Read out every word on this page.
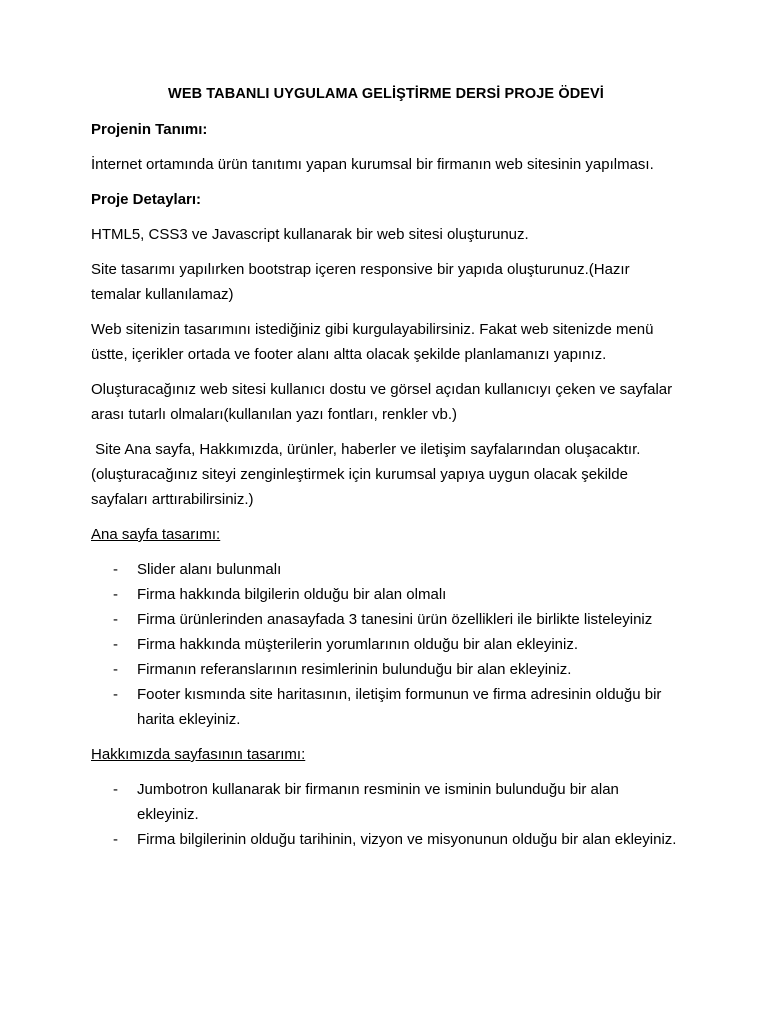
WEB TABANLI UYGULAMA GELİŞTİRME DERSİ PROJE ÖDEVİ
Projenin Tanımı:
İnternet ortamında ürün tanıtımı yapan kurumsal bir firmanın web sitesinin yapılması.
Proje Detayları:
HTML5, CSS3 ve Javascript kullanarak bir web sitesi oluşturunuz.
Site tasarımı yapılırken bootstrap içeren responsive bir yapıda oluşturunuz.(Hazır temalar kullanılamaz)
Web sitenizin tasarımını istediğiniz gibi kurgulayabilirsiniz. Fakat web sitenizde menü üstte, içerikler ortada ve footer alanı altta olacak şekilde planlamanızı yapınız.
Oluşturacağınız web sitesi kullanıcı dostu ve görsel açıdan kullanıcıyı çeken ve sayfalar arası tutarlı olmaları(kullanılan yazı fontları, renkler vb.)
Site Ana sayfa, Hakkımızda, ürünler, haberler ve iletişim sayfalarından oluşacaktır. (oluşturacağınız siteyi zenginleştirmek için kurumsal yapıya uygun olacak şekilde sayfaları arttırabilirsiniz.)
Ana sayfa tasarımı:
- Slider alanı bulunmalı
- Firma hakkında bilgilerin olduğu bir alan olmalı
- Firma ürünlerinden anasayfada 3 tanesini ürün özellikleri ile birlikte listeleyiniz
- Firma hakkında müşterilerin yorumlarının olduğu bir alan ekleyiniz.
- Firmanın referanslarının resimlerinin bulunduğu bir alan ekleyiniz.
- Footer kısmında site haritasının, iletişim formunun ve firma adresinin olduğu bir harita ekleyiniz.
Hakkımızda sayfasının tasarımı:
- Jumbotron kullanarak bir firmanın resminin ve isminin bulunduğu bir alan ekleyiniz.
- Firma bilgilerinin olduğu tarihinin, vizyon ve misyonunun olduğu bir alan ekleyiniz.
